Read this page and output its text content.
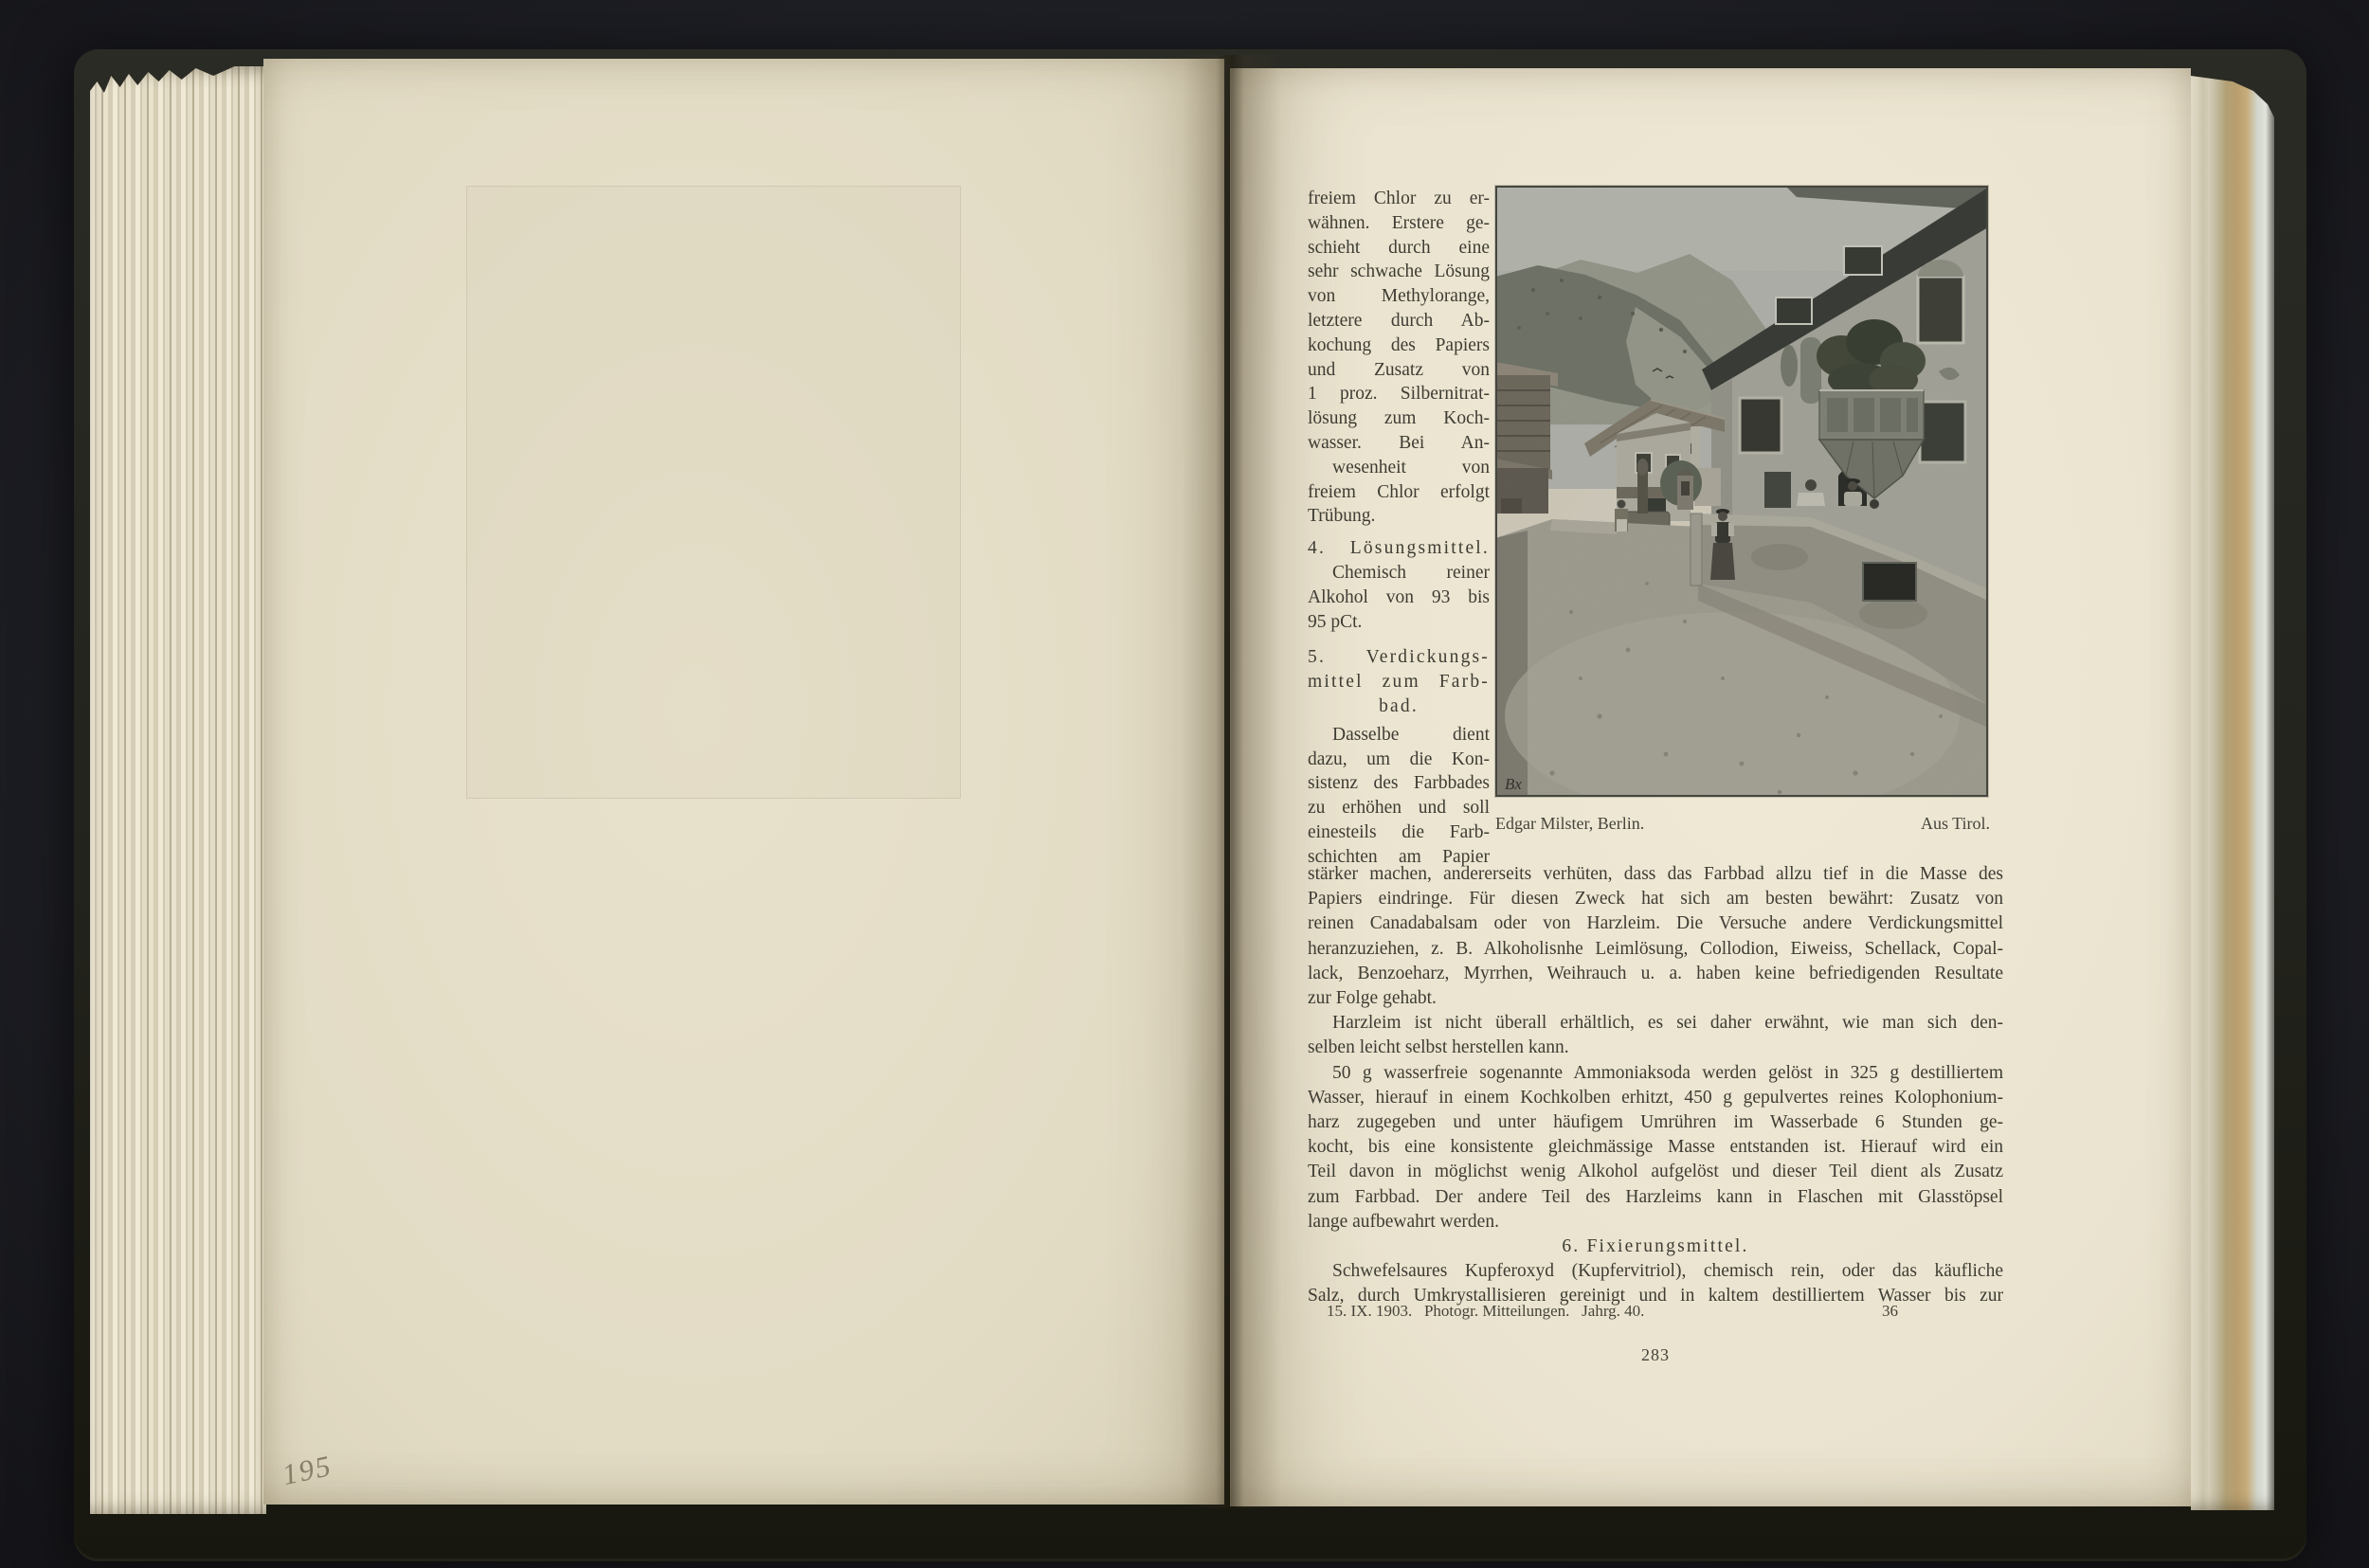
195
freiem Chlor zu er-
wähnen. Erstere ge-
schieht durch eine
sehr schwache Lösung
von Methylorange,
letztere durch Ab-
kochung des Papiers
und Zusatz von
1 proz. Silbernitrat-
lösung zum Koch-
wasser. Bei An-
wesenheit von
freiem Chlor erfolgt
Trübung.
4. Lösungsmittel.
Chemisch reiner
Alkohol von 93 bis
95 pCt.
5. Verdickungs-
mittel zum Farb-
bad.
Dasselbe dient
dazu, um die Kon-
sistenz des Farbbades
zu erhöhen und soll
einesteils die Farb-
schichten am Papier
Bx
Edgar Milster, Berlin.	Aus Tirol.
stärker machen, andererseits verhüten, dass das Farbbad allzu tief in die Masse des
Papiers eindringe. Für diesen Zweck hat sich am besten bewährt: Zusatz von
reinen Canadabalsam oder von Harzleim. Die Versuche andere Verdickungsmittel
heranzuziehen, z. B. Alkoholisnhe Leimlösung, Collodion, Eiweiss, Schellack, Copal-
lack, Benzoeharz, Myrrhen, Weihrauch u. a. haben keine befriedigenden Resultate
zur Folge gehabt.
Harzleim ist nicht überall erhältlich, es sei daher erwähnt, wie man sich den-
selben leicht selbst herstellen kann.
50 g wasserfreie sogenannte Ammoniaksoda werden gelöst in 325 g destilliertem
Wasser, hierauf in einem Kochkolben erhitzt, 450 g gepulvertes reines Kolophonium-
harz zugegeben und unter häufigem Umrühren im Wasserbade 6 Stunden ge-
kocht, bis eine konsistente gleichmässige Masse entstanden ist. Hierauf wird ein
Teil davon in möglichst wenig Alkohol aufgelöst und dieser Teil dient als Zusatz
zum Farbbad. Der andere Teil des Harzleims kann in Flaschen mit Glasstöpsel
lange aufbewahrt werden.
6. Fixierungsmittel.
Schwefelsaures Kupferoxyd (Kupfervitriol), chemisch rein, oder das käufliche
Salz, durch Umkrystallisieren gereinigt und in kaltem destilliertem Wasser bis zur
15. IX. 1903.   Photogr. Mitteilungen.   Jahrg. 40.	36
283
